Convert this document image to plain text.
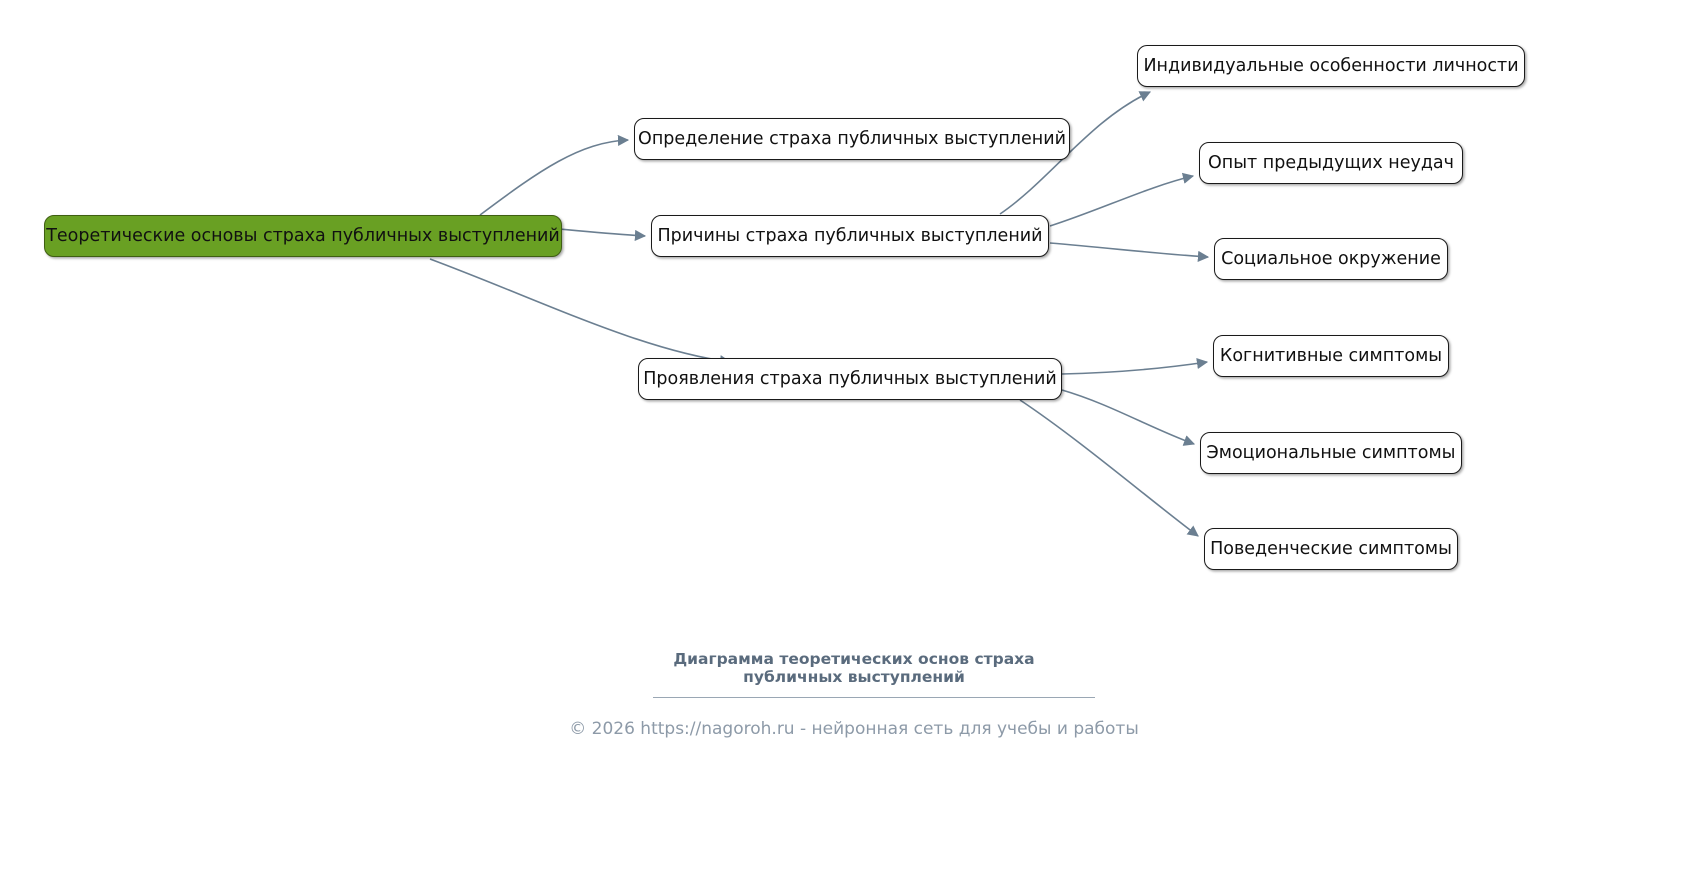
Теоретические основы страха публичных выступлений
Определение страха публичных выступлений
Причины страха публичных выступлений
Проявления страха публичных выступлений
Индивидуальные особенности личности
Опыт предыдущих неудач
Социальное окружение
Когнитивные симптомы
Эмоциональные симптомы
Поведенческие симптомы
Диаграмма теоретических основ страха
публичных выступлений
© 2026 https://nagoroh.ru - нейронная сеть для учебы и работы
